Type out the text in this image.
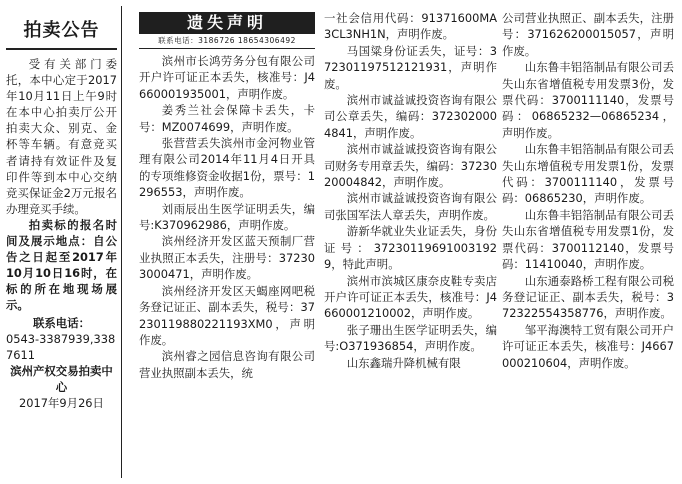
拍卖公告

受有关部门委托，本中心定于2017年10月11日上午9时在本中心拍卖厅公开拍卖大众、别克、金杯等车辆。有意竞买者请持有效证件及复印件等到本中心交纳竞买保证金2万元报名办理竞买手续。

拍卖标的报名时间及展示地点：自公告之日起至2017年10月10日16时，在标的所在地现场展示。

联系电话：
0543-3387939,3387611
滨州产权交易拍卖中心
2017年9月26日
遗失声明
联系电话：3186726 18654306492

滨州市长鸿劳务分包有限公司开户许可证正本丢失，核准号：J4660001935001，声明作废。

姜秀兰社会保障卡丢失，卡号：MZ0074699，声明作废。

张营营丢失滨州市金河物业管理有限公司2014年11月4日开具的专项维修资金收据1份，票号：1296553，声明作废。

刘雨辰出生医学证明丢失，编号:K370962986，声明作废。

滨州经济开发区蓝天预制厂营业执照正本丢失，注册号：372303000471，声明作废。

滨州经济开发区天蝎座网吧税务登记证正、副本丢失，税号：37230119880221193XM0，声明作废。

滨州睿之园信息咨询有限公司营业执照副本丢失，统

一社会信用代码：91371600MA3CL3NH1N，声明作废。

马国粱身份证丢失，证号：372301197512121931，声明作废。

滨州市诚益诚投资咨询有限公司公章丢失，编码：3723020004841，声明作废。

滨州市诚益诚投资咨询有限公司财务专用章丢失，编码：3723020004842，声明作废。

滨州市诚益诚投资咨询有限公司张国军法人章丢失，声明作废。

游新华就业失业证丢失，身份证号：372301196910031929，特此声明。

滨州市滨城区康奈皮鞋专卖店开户许可证正本丢失，核准号：J4660001210002，声明作废。

张子珊出生医学证明丢失，编号:O371936854，声明作废。

山东鑫瑞升降机械有限

公司营业执照正、副本丢失，注册号：371626200015057，声明作废。

山东鲁丰铝箔制品有限公司丢失山东省增值税专用发票3份，发票代码：3700111140，发票号码：06865232—06865234，声明作废。

山东鲁丰铝箔制品有限公司丢失山东增值税专用发票1份，发票代码：3700111140，发票号码：06865230，声明作废。

山东鲁丰铝箔制品有限公司丢失山东省增值税专用发票1份，发票代码：3700112140，发票号码：11410040，声明作废。

山东通泰路桥工程有限公司税务登记证正、副本丢失，税号：372322554358776，声明作废。

邹平海澳特工贸有限公司开户许可证正本丢失，核准号：J4667000210604，声明作废。
